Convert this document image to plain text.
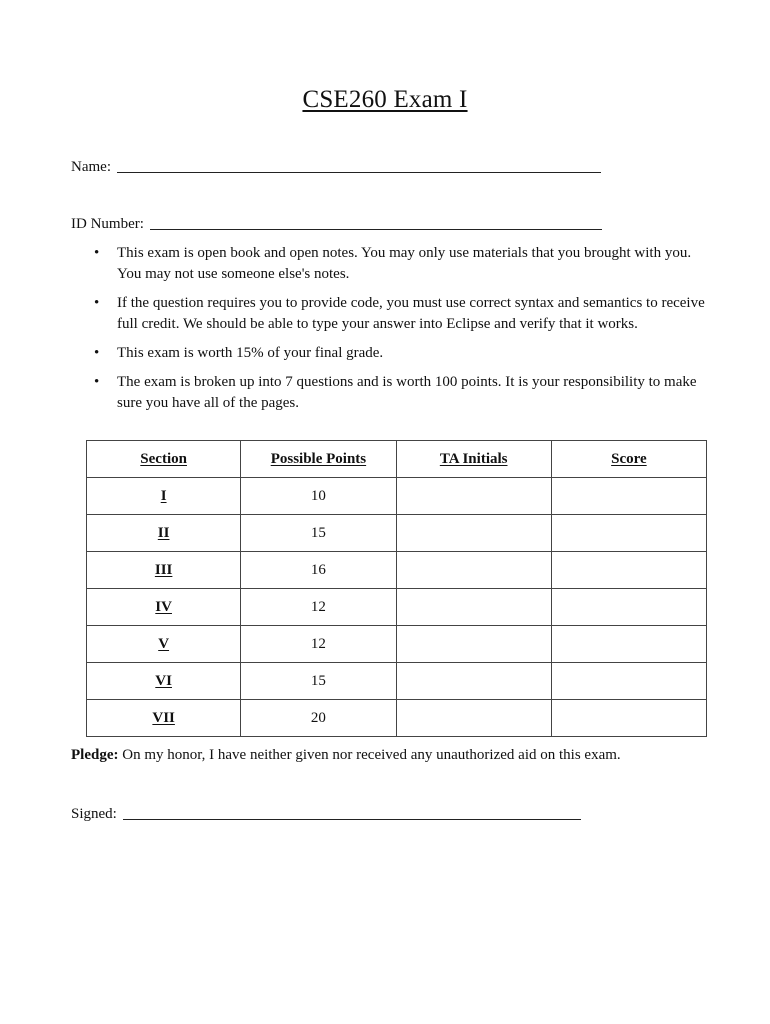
CSE260 Exam I
Name:
ID Number:
• This exam is open book and open notes. You may only use materials that you brought with you. You may not use someone else's notes.
• If the question requires you to provide code, you must use correct syntax and semantics to receive full credit. We should be able to type your answer into Eclipse and verify that it works.
• This exam is worth 15% of your final grade.
• The exam is broken up into 7 questions and is worth 100 points. It is your responsibility to make sure you have all of the pages.
Section	Possible Points	TA Initials	Score
I	10		
II	15		
III	16		
IV	12		
V	12		
VI	15		
VII	20		
Pledge: On my honor, I have neither given nor received any unauthorized aid on this exam.
Signed:
